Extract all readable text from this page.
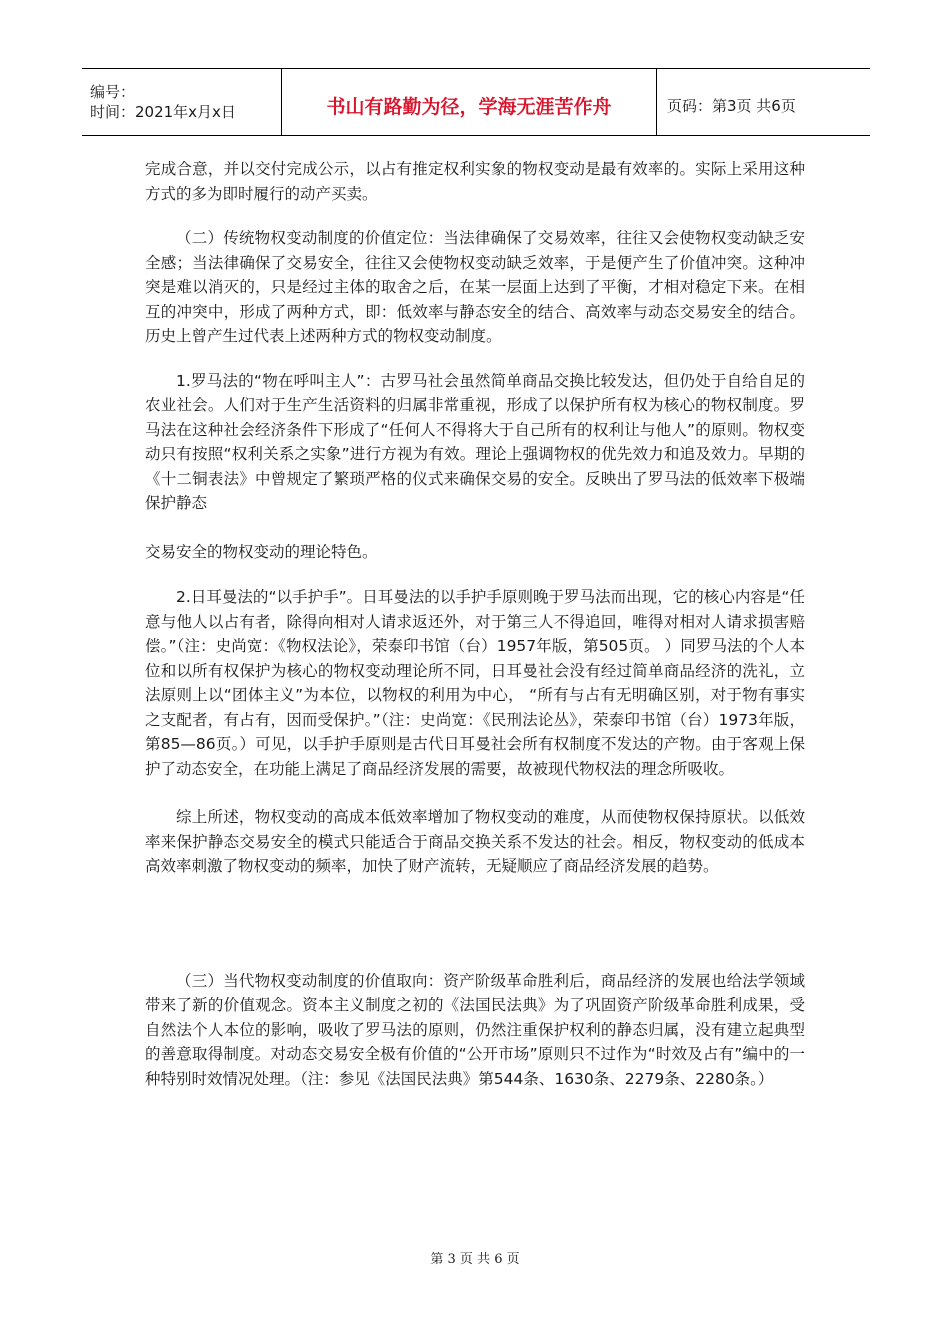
编号：
时间：2021年x月x日	书山有路勤为径，学海无涯苦作舟	页码：第3页 共6页

完成合意，并以交付完成公示，以占有推定权利实象的物权变动是最有效率的。实际上采用这种方式的多为即时履行的动产买卖。

（二）传统物权变动制度的价值定位：当法律确保了交易效率，往往又会使物权变动缺乏安全感；当法律确保了交易安全，往往又会使物权变动缺乏效率，于是便产生了价值冲突。这种冲突是难以消灭的，只是经过主体的取舍之后，在某一层面上达到了平衡，才相对稳定下来。在相互的冲突中，形成了两种方式，即：低效率与静态安全的结合、高效率与动态交易安全的结合。历史上曾产生过代表上述两种方式的物权变动制度。

1.罗马法的“物在呼叫主人”：古罗马社会虽然简单商品交换比较发达，但仍处于自给自足的农业社会。人们对于生产生活资料的归属非常重视，形成了以保护所有权为核心的物权制度。罗马法在这种社会经济条件下形成了“任何人不得将大于自己所有的权利让与他人”的原则。物权变动只有按照“权利关系之实象”进行方视为有效。理论上强调物权的优先效力和追及效力。早期的《十二铜表法》中曾规定了繁琐严格的仪式来确保交易的安全。反映出了罗马法的低效率下极端保护静态

交易安全的物权变动的理论特色。

2.日耳曼法的“以手护手”。日耳曼法的以手护手原则晚于罗马法而出现，它的核心内容是“任意与他人以占有者，除得向相对人请求返还外，对于第三人不得追回，唯得对相对人请求损害赔偿。”（注：史尚宽：《物权法论》，荣泰印书馆（台）1957年版，第505页。 ）同罗马法的个人本位和以所有权保护为核心的物权变动理论所不同，日耳曼社会没有经过简单商品经济的洗礼，立法原则上以“团体主义”为本位，以物权的利用为中心， “所有与占有无明确区别，对于物有事实之支配者，有占有，因而受保护。”（注：史尚宽：《民刑法论丛》，荣泰印书馆（台）1973年版，第85—86页。）可见，以手护手原则是古代日耳曼社会所有权制度不发达的产物。由于客观上保护了动态安全，在功能上满足了商品经济发展的需要，故被现代物权法的理念所吸收。

综上所述，物权变动的高成本低效率增加了物权变动的难度，从而使物权保持原状。以低效率来保护静态交易安全的模式只能适合于商品交换关系不发达的社会。相反，物权变动的低成本高效率刺激了物权变动的频率，加快了财产流转，无疑顺应了商品经济发展的趋势。

（三）当代物权变动制度的价值取向：资产阶级革命胜利后，商品经济的发展也给法学领域带来了新的价值观念。资本主义制度之初的《法国民法典》为了巩固资产阶级革命胜利成果，受自然法个人本位的影响，吸收了罗马法的原则，仍然注重保护权利的静态归属，没有建立起典型的善意取得制度。对动态交易安全极有价值的“公开市场”原则只不过作为“时效及占有”编中的一种特别时效情况处理。（注：参见《法国民法典》第544条、1630条、2279条、2280条。）

第 3 页 共 6 页
